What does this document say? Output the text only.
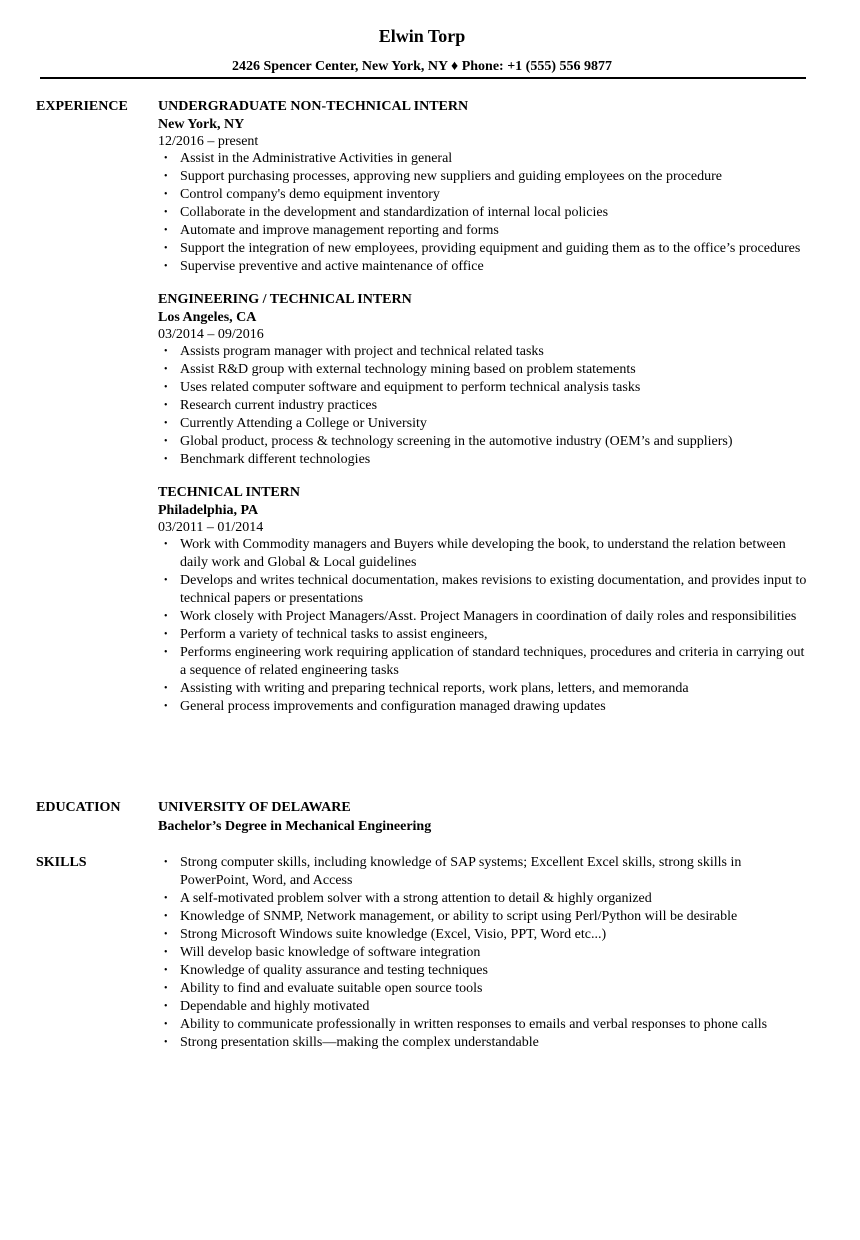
Elwin Torp
2426 Spencer Center, New York, NY ♦ Phone: +1 (555) 556 9877
EXPERIENCE UNDERGRADUATE NON-TECHNICAL INTERN
New York, NY
12/2016 – present
• Assist in the Administrative Activities in general
• Support purchasing processes, approving new suppliers and guiding employees on the procedure
• Control company's demo equipment inventory
• Collaborate in the development and standardization of internal local policies
• Automate and improve management reporting and forms
• Support the integration of new employees, providing equipment and guiding them as to the office’s procedures
• Supervise preventive and active maintenance of office
ENGINEERING / TECHNICAL INTERN
Los Angeles, CA
03/2014 – 09/2016
• Assists program manager with project and technical related tasks
• Assist R&D group with external technology mining based on problem statements
• Uses related computer software and equipment to perform technical analysis tasks
• Research current industry practices
• Currently Attending a College or University
• Global product, process & technology screening in the automotive industry (OEM’s and suppliers)
• Benchmark different technologies
TECHNICAL INTERN
Philadelphia, PA
03/2011 – 01/2014
• Work with Commodity managers and Buyers while developing the book, to understand the relation between daily work and Global & Local guidelines
• Develops and writes technical documentation, makes revisions to existing documentation, and provides input to technical papers or presentations
• Work closely with Project Managers/Asst. Project Managers in coordination of daily roles and responsibilities
• Perform a variety of technical tasks to assist engineers,
• Performs engineering work requiring application of standard techniques, procedures and criteria in carrying out a sequence of related engineering tasks
• Assisting with writing and preparing technical reports, work plans, letters, and memoranda
• General process improvements and configuration managed drawing updates
EDUCATION	UNIVERSITY OF DELAWARE
Bachelor’s Degree in Mechanical Engineering
SKILLS	• Strong computer skills, including knowledge of SAP systems; Excellent Excel skills, strong skills in PowerPoint, Word, and Access
• A self-motivated problem solver with a strong attention to detail & highly organized
• Knowledge of SNMP, Network management, or ability to script using Perl/Python will be desirable
• Strong Microsoft Windows suite knowledge (Excel, Visio, PPT, Word etc...)
• Will develop basic knowledge of software integration
• Knowledge of quality assurance and testing techniques
• Ability to find and evaluate suitable open source tools
• Dependable and highly motivated
• Ability to communicate professionally in written responses to emails and verbal responses to phone calls
• Strong presentation skills—making the complex understandable
